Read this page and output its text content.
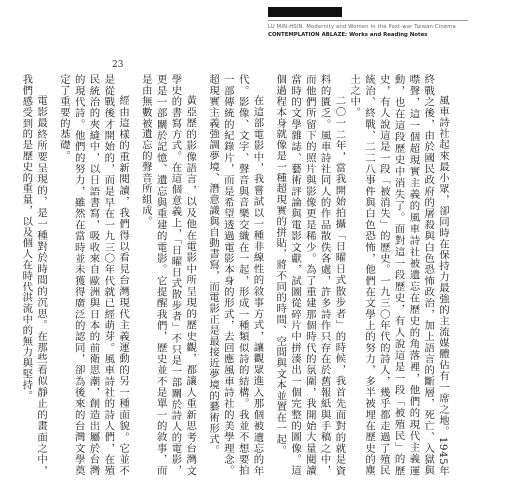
LU MIN-HSIN. Modernity and Women in the Post-war Taiwan Cinema
CONTEMPLATION ABLAZE: Works and Reading Notes
23

風車詩社起來最小眾，卻同時在保持力最強的主流媒體佔有一席之地。1945年終戰之後，由於國民政府的屠殺與白色恐怖政治，加上語言的斷層，死亡、入獄與噤聲，這一個超現實主義的風車詩社被遺忘在歷史的角落裡，他們的現代主義運動，也在這段歷史中消失了。面對這一段歷史，有人說這是一段「被殖民」的歷史，有人說這是一段「被消失」的歷史。一九三〇年代的詩人，幾乎都走過了殖民統治、終戰、二二八事件與白色恐怖，他們在文學上的努力，多半被埋在歷史的塵土之中。

二〇一二年，當我開始拍攝「日曜日式散步者」的時候，我首先面對的就是資料的匱乏。風車詩社同人的作品散佚各處，許多詩作只存在於舊報紙與手稿之中，而他們所留下的照片與影像更是稀少。為了重建那個時代的氛圍，我開始大量閱讀當時的文學雜誌、藝術評論與電影文獻，試圖從碎片中拼湊出一個完整的圖像。這個過程本身就像是一種超現實的拼貼，將不同的時間、空間與文本並置在一起。

在這部電影中，我嘗試以一種非線性的敘事方式，讓觀眾進入那個被遺忘的年代。影像、文字、聲音與音樂交織在一起，形成一種類似詩的結構。我並不想要拍一部傳統的紀錄片，而是希望透過電影本身的形式，去回應風車詩社的美學理念。超現實主義強調夢境、潛意識與自動書寫，而電影正是最接近夢境的藝術形式。

黃亞歷的影像語言，以及他在電影中所呈現的歷史觀，都讓人重新思考台灣文學史的書寫方式。在這個意義上，「日曜日式散步者」不只是一部關於詩人的電影，更是一部關於記憶、遺忘與重建的電影。它提醒我們，歷史並不是單一的敘事，而是由無數被遺忘的聲音所組成。

經由這樣的重新閱讀，我們得以看見台灣現代主義運動的另一種面貌。它並不是從戰後才開始的，而是早在一九三〇年代就已經萌芽。風車詩社的詩人們，在殖民統治的夾縫中，以日語書寫，吸收來自歐洲與日本的前衛思潮，創造出屬於台灣的現代詩。他們的努力，雖然在當時並未獲得廣泛的認同，卻為後來的台灣文學奠定了重要的基礎。

電影最終所要呈現的，是一種對於時間的沉思。在那些看似靜止的畫面之中，我們感受到的是歷史的重量，以及個人在時代洪流中的無力與堅持。
